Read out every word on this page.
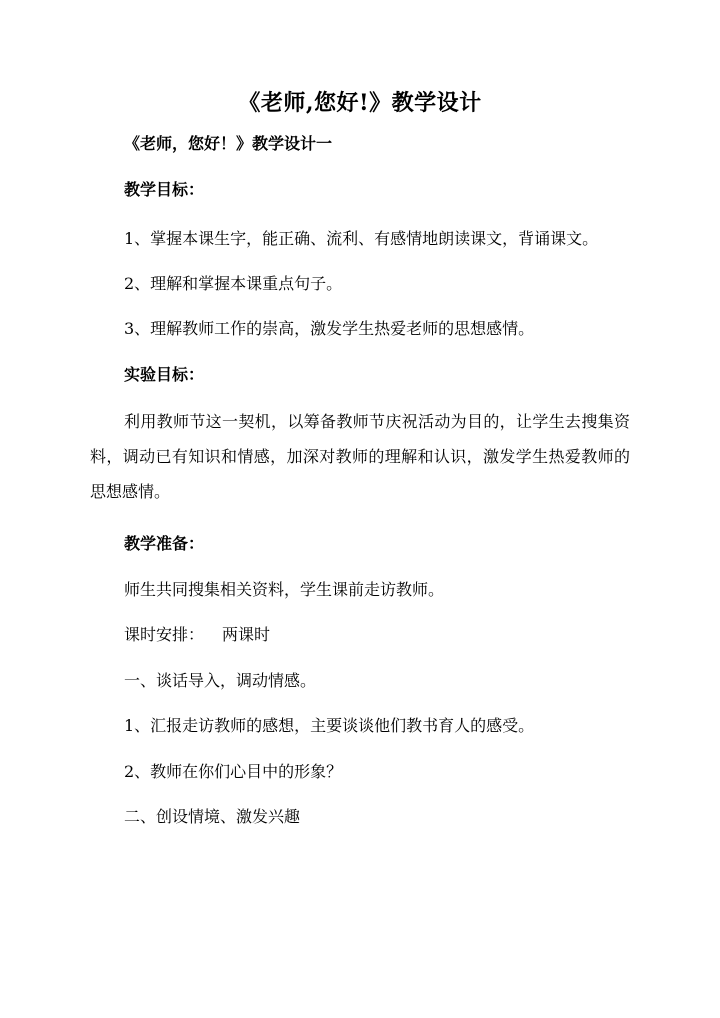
《老师,您好!》教学设计
《老师，您好！》教学设计一
教学目标：
1、掌握本课生字，能正确、流利、有感情地朗读课文，背诵课文。
2、理解和掌握本课重点句子。
3、理解教师工作的崇高，激发学生热爱老师的思想感情。
实验目标：
利用教师节这一契机，以筹备教师节庆祝活动为目的，让学生去搜集资料，调动已有知识和情感，加深对教师的理解和认识，激发学生热爱教师的思想感情。
教学准备：
师生共同搜集相关资料，学生课前走访教师。
课时安排： 两课时
一、谈话导入，调动情感。
1、汇报走访教师的感想，主要谈谈他们教书育人的感受。
2、教师在你们心目中的形象？
二、创设情境、激发兴趣
